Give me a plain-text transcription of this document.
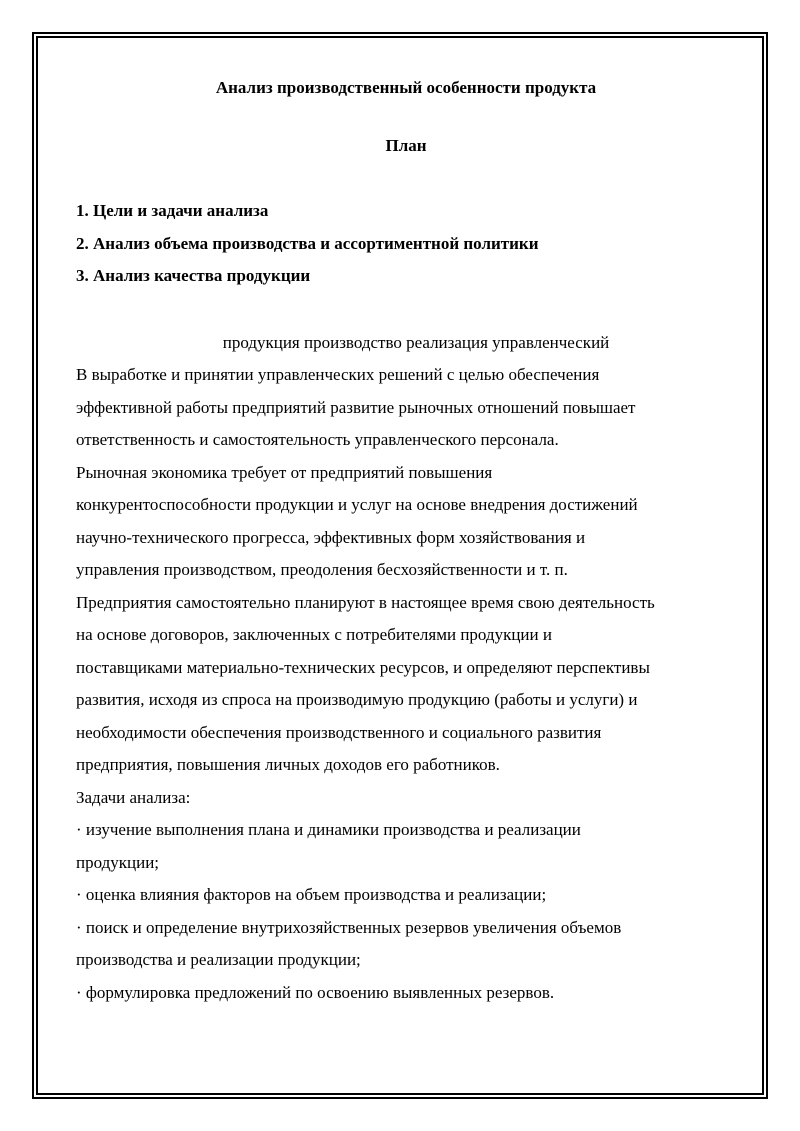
Анализ производственный особенности продукта
План
1. Цели и задачи анализа
2. Анализ объема производства и ассортиментной политики
3. Анализ качества продукции

продукция производство реализация управленческий

В выработке и принятии управленческих решений с целью обеспечения
эффективной работы предприятий развитие рыночных отношений повышает
ответственность и самостоятельность управленческого персонала.
Рыночная экономика требует от предприятий повышения
конкурентоспособности продукции и услуг на основе внедрения достижений
научно-технического прогресса, эффективных форм хозяйствования и
управления производством, преодоления бесхозяйственности и т. п.
Предприятия самостоятельно планируют в настоящее время свою деятельность
на основе договоров, заключенных с потребителями продукции и
поставщиками материально-технических ресурсов, и определяют перспективы
развития, исходя из спроса на производимую продукцию (работы и услуги) и
необходимости обеспечения производственного и социального развития
предприятия, повышения личных доходов его работников.
Задачи анализа:
· изучение выполнения плана и динамики производства и реализации
продукции;
· оценка влияния факторов на объем производства и реализации;
· поиск и определение внутрихозяйственных резервов увеличения объемов
производства и реализации продукции;
· формулировка предложений по освоению выявленных резервов.
